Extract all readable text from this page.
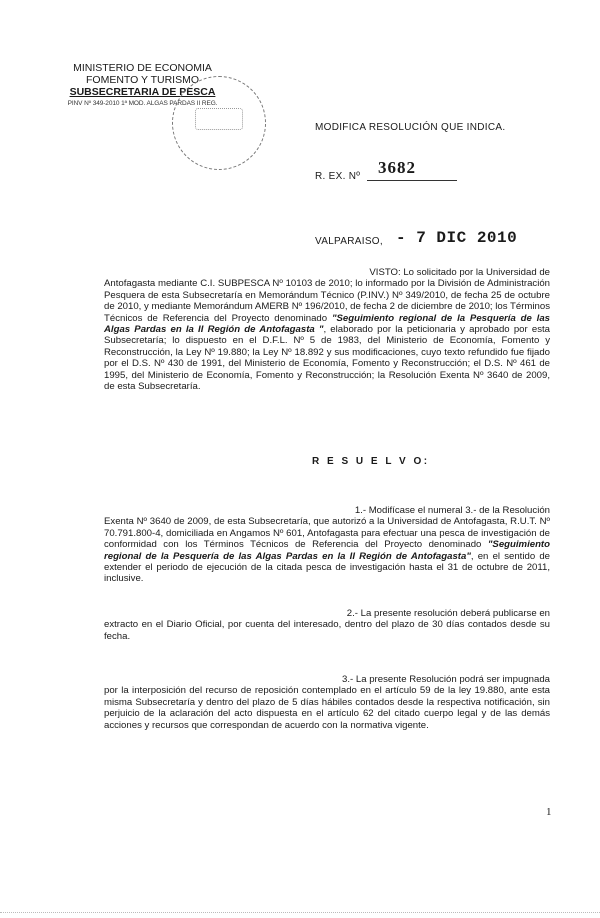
MINISTERIO DE ECONOMIA
FOMENTO Y TURISMO
SUBSECRETARIA DE PESCA
PINV Nº 349-2010 1ª MOD. ALGAS PARDAS II REG.
MODIFICA RESOLUCIÓN QUE INDICA.
R. EX. Nº 3682
VALPARAISO, - 7 DIC 2010
VISTO: Lo solicitado por la Universidad de
Antofagasta mediante C.I. SUBPESCA Nº 10103 de 2010; lo informado por la División de Administración Pesquera de esta Subsecretaría en Memorándum Técnico (P.INV.) Nº 349/2010, de fecha 25 de octubre de 2010, y mediante Memorándum AMERB Nº 196/2010, de fecha 2 de diciembre de 2010; los Términos Técnicos de Referencia del Proyecto denominado "Seguimiento regional de la Pesquería de las Algas Pardas en la II Región de Antofagasta ", elaborado por la peticionaria y aprobado por esta Subsecretaría; lo dispuesto en el D.F.L. Nº 5 de 1983, del Ministerio de Economía, Fomento y Reconstrucción, la Ley Nº 19.880; la Ley Nº 18.892 y sus modificaciones, cuyo texto refundido fue fijado por el D.S. Nº 430 de 1991, del Ministerio de Economía, Fomento y Reconstrucción; el D.S. Nº 461 de 1995, del Ministerio de Economía, Fomento y Reconstrucción; la Resolución Exenta Nº 3640 de 2009, de esta Subsecretaría.
R E S U E L V O:
1.- Modifícase el numeral 3.- de la Resolución
Exenta Nº 3640 de 2009, de esta Subsecretaría, que autorizó a la Universidad de Antofagasta, R.U.T. Nº 70.791.800-4, domiciliada en Angamos Nº 601, Antofagasta para efectuar una pesca de investigación de conformidad con los Términos Técnicos de Referencia del Proyecto denominado "Seguimiento regional de la Pesquería de las Algas Pardas en la II Región de Antofagasta", en el sentido de extender el periodo de ejecución de la citada pesca de investigación hasta el 31 de octubre de 2011, inclusive.
2.- La presente resolución deberá publicarse en
extracto en el Diario Oficial, por cuenta del interesado, dentro del plazo de 30 días contados desde su fecha.
3.- La presente Resolución podrá ser impugnada
por la interposición del recurso de reposición contemplado en el artículo 59 de la ley 19.880, ante esta misma Subsecretaría y dentro del plazo de 5 días hábiles contados desde la respectiva notificación, sin perjuicio de la aclaración del acto dispuesta en el artículo 62 del citado cuerpo legal y de las demás acciones y recursos que correspondan de acuerdo con la normativa vigente.
1
